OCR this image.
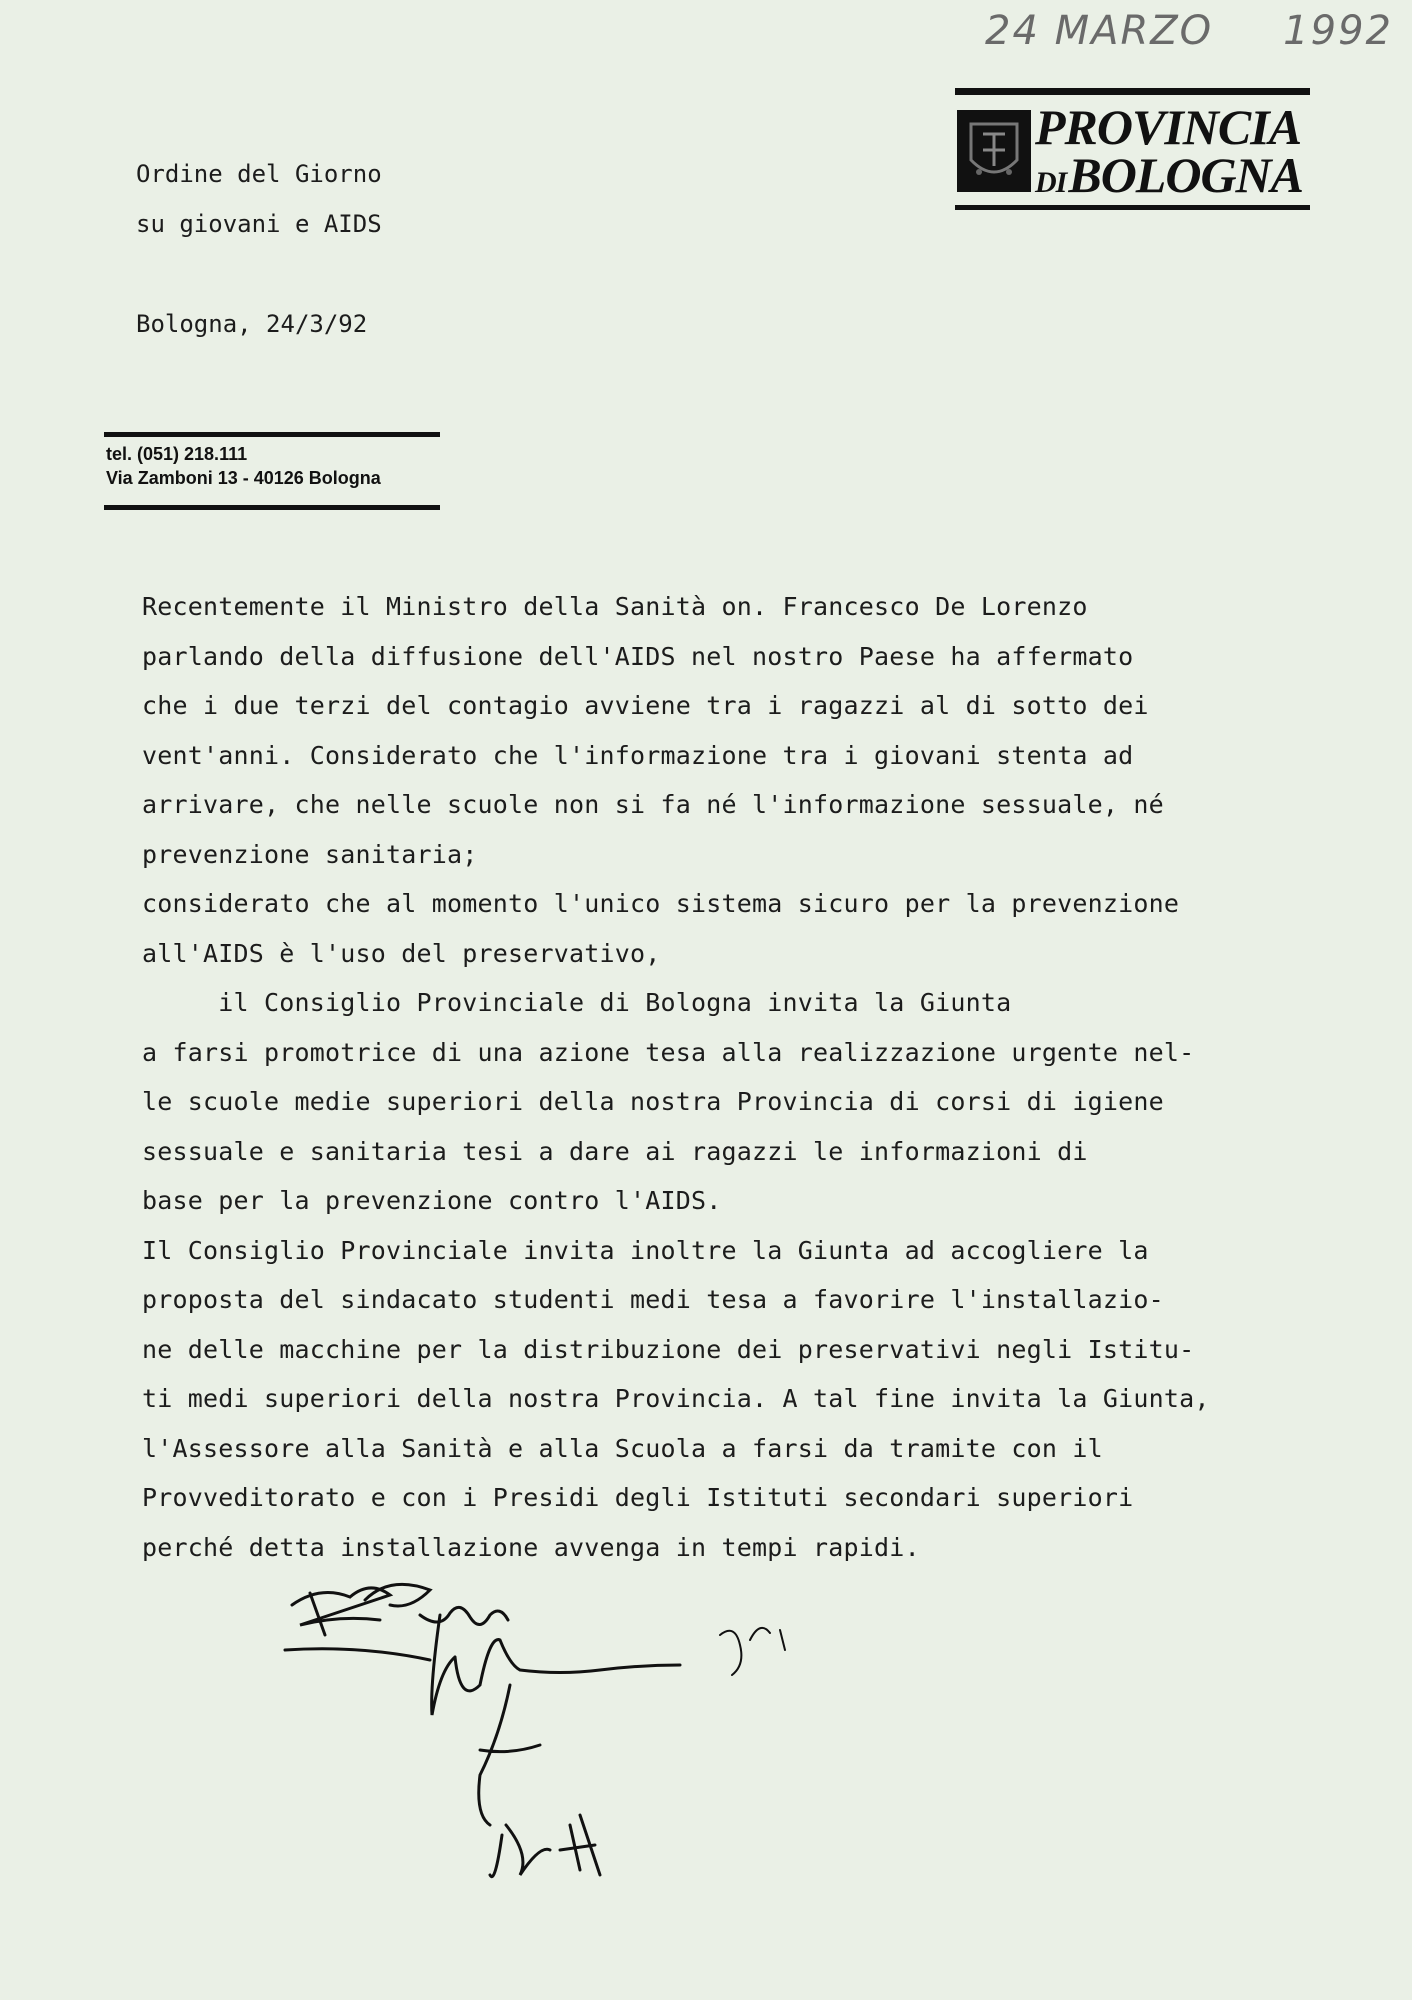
24 MARZO 1992
PROVINCIA
DIBOLOGNA
Ordine del Giorno
su giovani e AIDS
Bologna, 24/3/92
tel. (051) 218.111
Via Zamboni 13 - 40126 Bologna
Recentemente il Ministro della Sanità on. Francesco De Lorenzo
parlando della diffusione dell'AIDS nel nostro Paese ha affermato
che i due terzi del contagio avviene tra i ragazzi al di sotto dei
vent'anni. Considerato che l'informazione tra i giovani stenta ad
arrivare, che nelle scuole non si fa né l'informazione sessuale, né
prevenzione sanitaria;
considerato che al momento l'unico sistema sicuro per la prevenzione
all'AIDS è l'uso del preservativo,
il Consiglio Provinciale di Bologna invita la Giunta
a farsi promotrice di una azione tesa alla realizzazione urgente nel-
le scuole medie superiori della nostra Provincia di corsi di igiene
sessuale e sanitaria tesi a dare ai ragazzi le informazioni di
base per la prevenzione contro l'AIDS.
Il Consiglio Provinciale invita inoltre la Giunta ad accogliere la
proposta del sindacato studenti medi tesa a favorire l'installazio-
ne delle macchine per la distribuzione dei preservativi negli Istitu-
ti medi superiori della nostra Provincia. A tal fine invita la Giunta,
l'Assessore alla Sanità e alla Scuola a farsi da tramite con il
Provveditorato e con i Presidi degli Istituti secondari superiori
perché detta installazione avvenga in tempi rapidi.
